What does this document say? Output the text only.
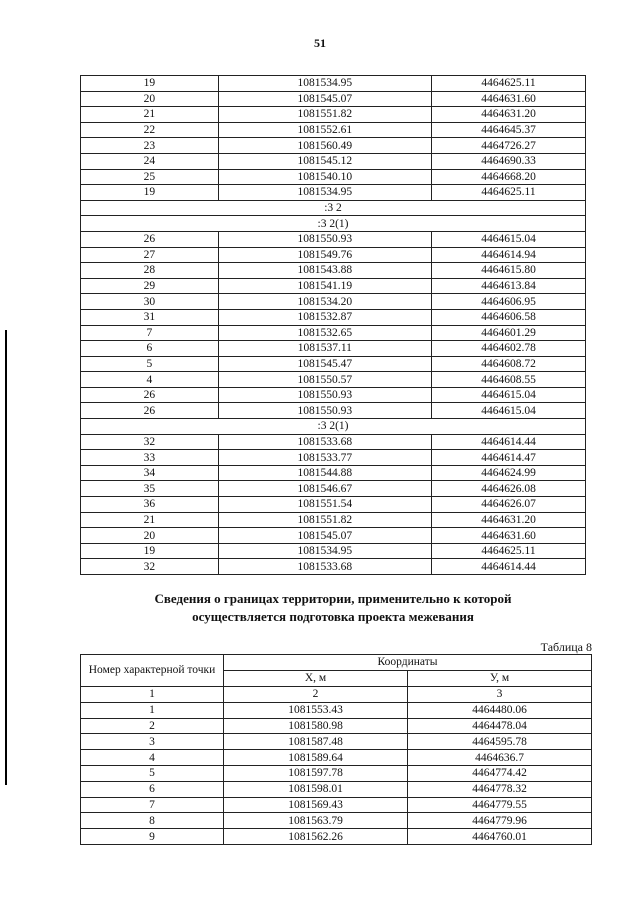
51
19	1081534.95	4464625.11
20	1081545.07	4464631.60
21	1081551.82	4464631.20
22	1081552.61	4464645.37
23	1081560.49	4464726.27
24	1081545.12	4464690.33
25	1081540.10	4464668.20
19	1081534.95	4464625.11
:3 2		
:3 2(1)		
26	1081550.93	4464615.04
27	1081549.76	4464614.94
28	1081543.88	4464615.80
29	1081541.19	4464613.84
30	1081534.20	4464606.95
31	1081532.87	4464606.58
7	1081532.65	4464601.29
6	1081537.11	4464602.78
5	1081545.47	4464608.72
4	1081550.57	4464608.55
26	1081550.93	4464615.04
26	1081550.93	4464615.04
:3 2(1)		
32	1081533.68	4464614.44
33	1081533.77	4464614.47
34	1081544.88	4464624.99
35	1081546.67	4464626.08
36	1081551.54	4464626.07
21	1081551.82	4464631.20
20	1081545.07	4464631.60
19	1081534.95	4464625.11
32	1081533.68	4464614.44
Сведения о границах территории, применительно к которой
осуществляется подготовка проекта межевания
Таблица 8
Номер характерной точки	Координаты	
	Х, м	У, м
1	2	3
1	1081553.43	4464480.06
2	1081580.98	4464478.04
3	1081587.48	4464595.78
4	1081589.64	4464636.7
5	1081597.78	4464774.42
6	1081598.01	4464778.32
7	1081569.43	4464779.55
8	1081563.79	4464779.96
9	1081562.26	4464760.01
